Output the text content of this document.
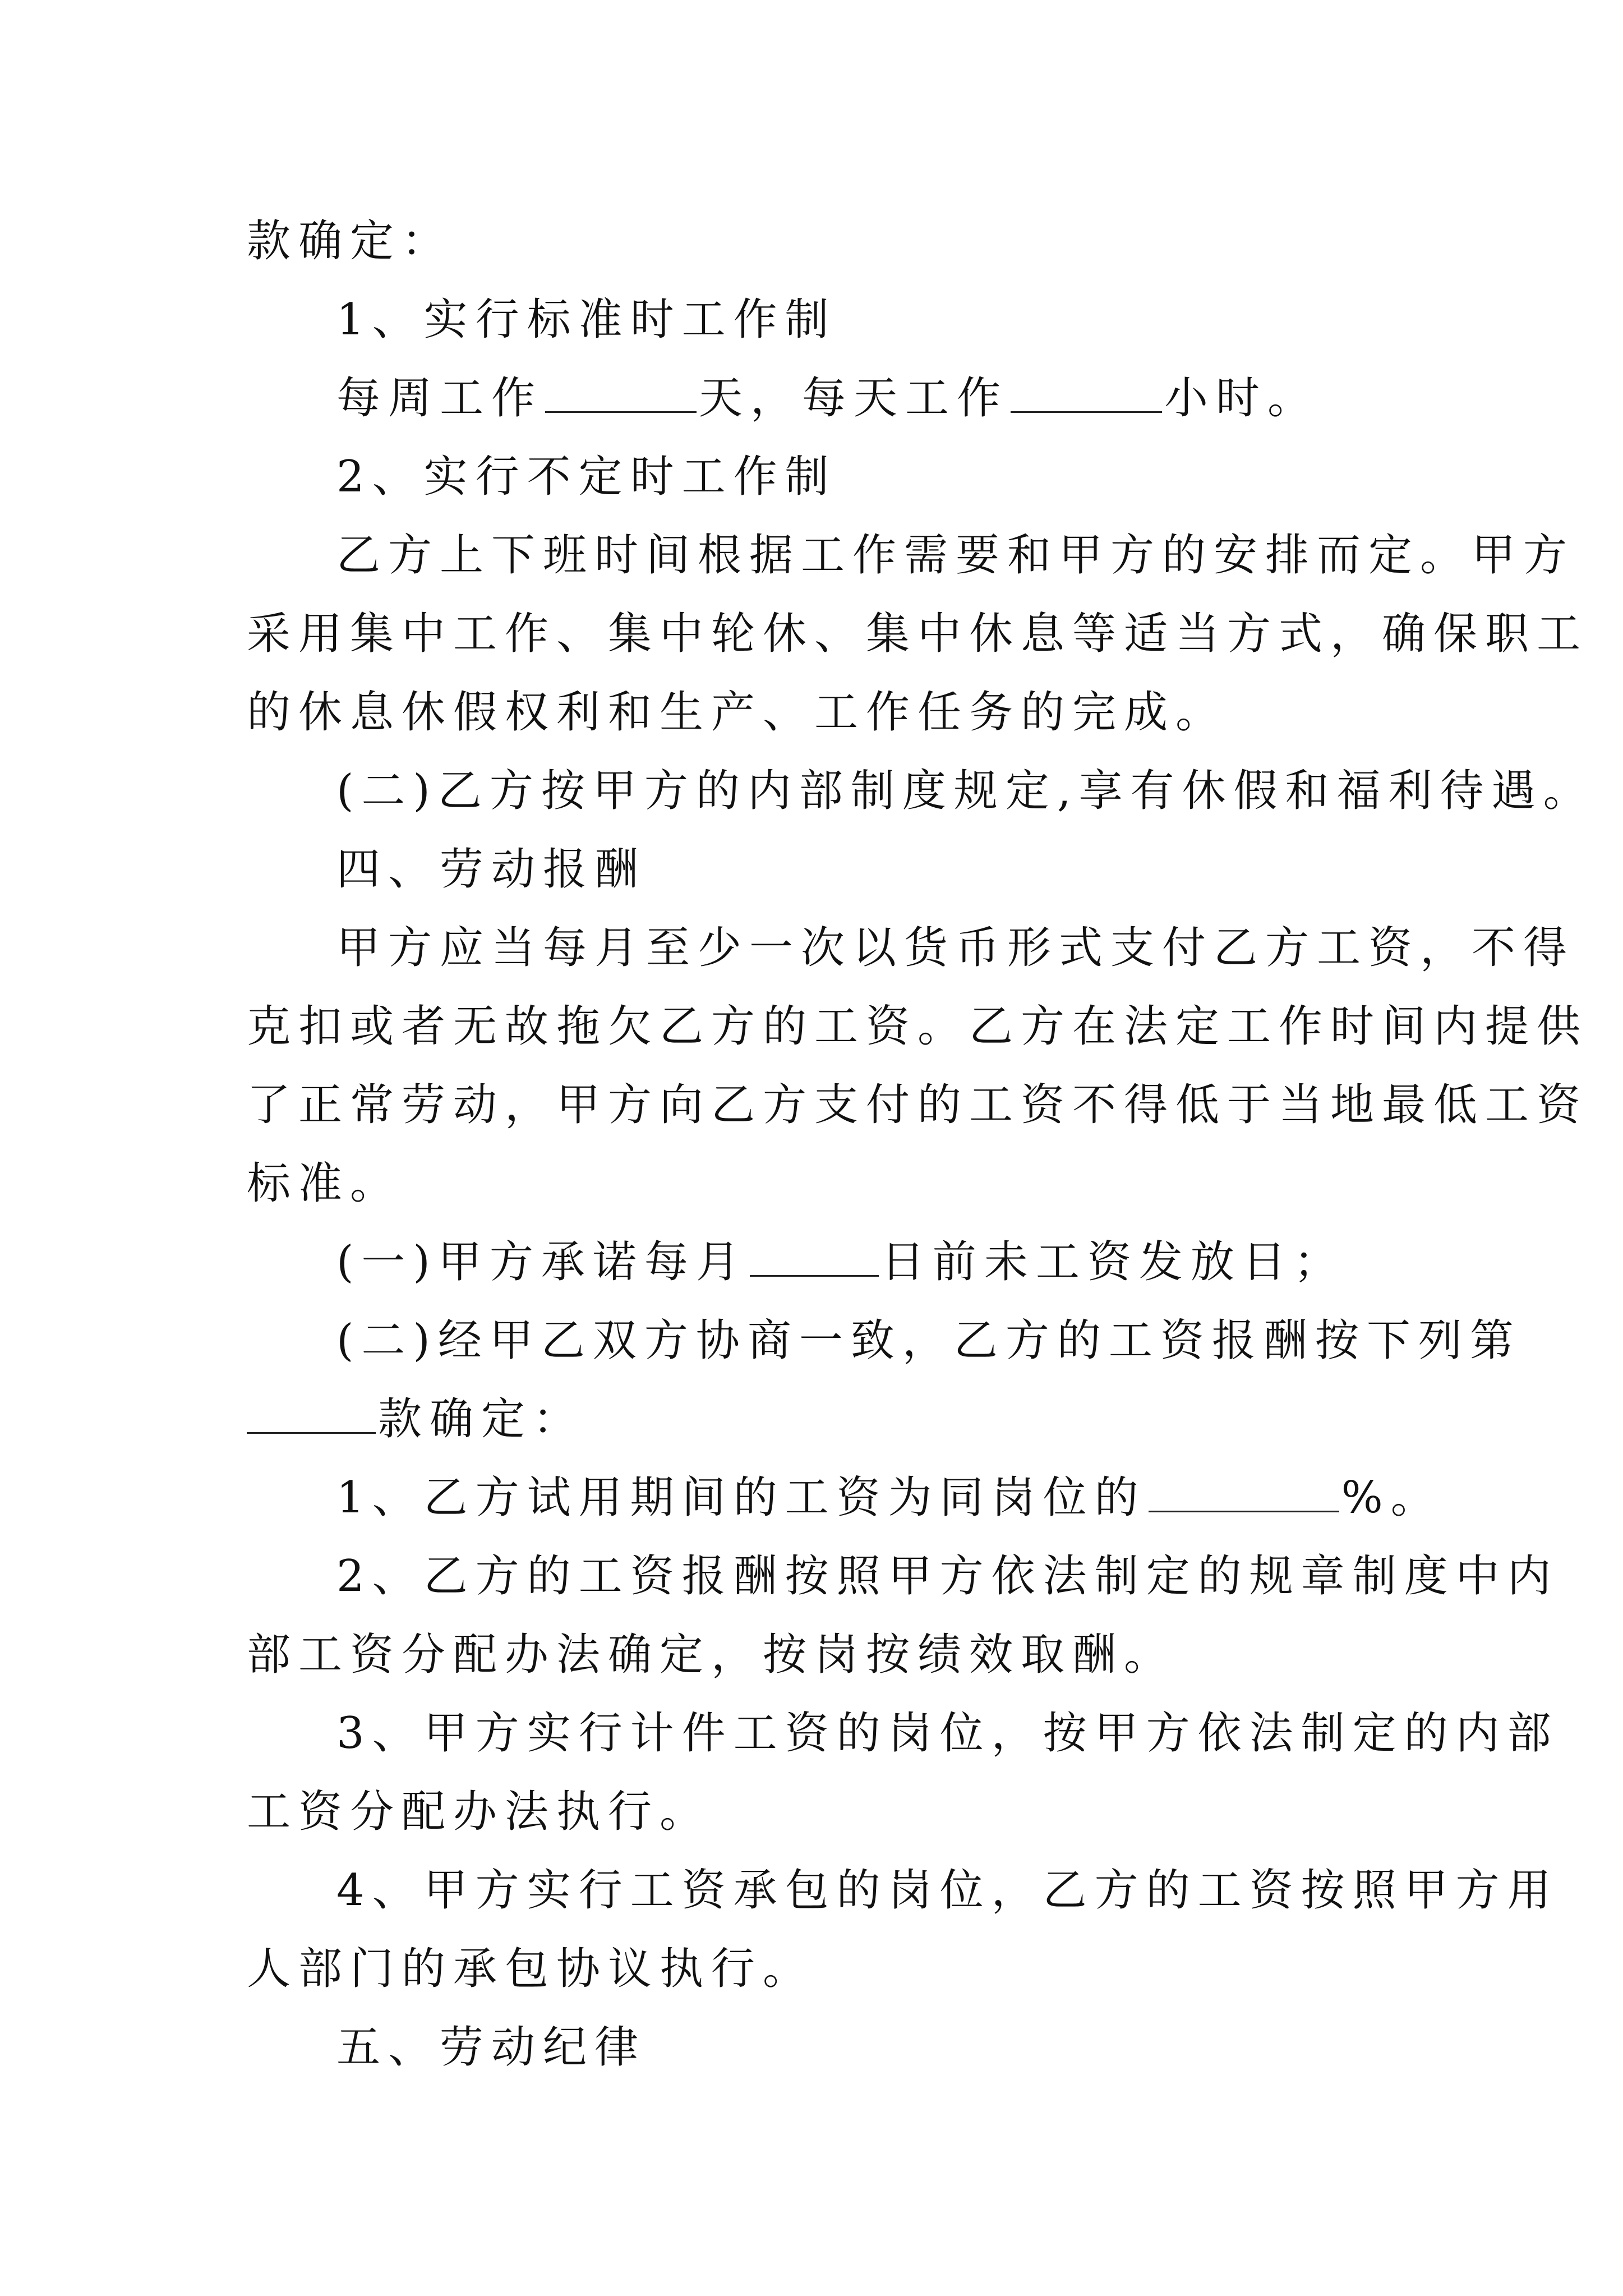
款确定：
1、实行标准时工作制
每周工作	天，每天工作	小时。
2、实行不定时工作制
乙方上下班时间根据工作需要和甲方的安排而定。甲方
采用集中工作、集中轮休、集中休息等适当方式，确保职工
的休息休假权利和生产、工作任务的完成。
(二)乙方按甲方的内部制度规定,享有休假和福利待遇。
四、劳动报酬
甲方应当每月至少一次以货币形式支付乙方工资，不得
克扣或者无故拖欠乙方的工资。乙方在法定工作时间内提供
了正常劳动，甲方向乙方支付的工资不得低于当地最低工资
标准。
(一)甲方承诺每月	日前未工资发放日；
(二)经甲乙双方协商一致，乙方的工资报酬按下列第
款确定：
1、乙方试用期间的工资为同岗位的	%。
2、乙方的工资报酬按照甲方依法制定的规章制度中内
部工资分配办法确定，按岗按绩效取酬。
3、甲方实行计件工资的岗位，按甲方依法制定的内部
工资分配办法执行。
4、甲方实行工资承包的岗位，乙方的工资按照甲方用
人部门的承包协议执行。
五、劳动纪律
